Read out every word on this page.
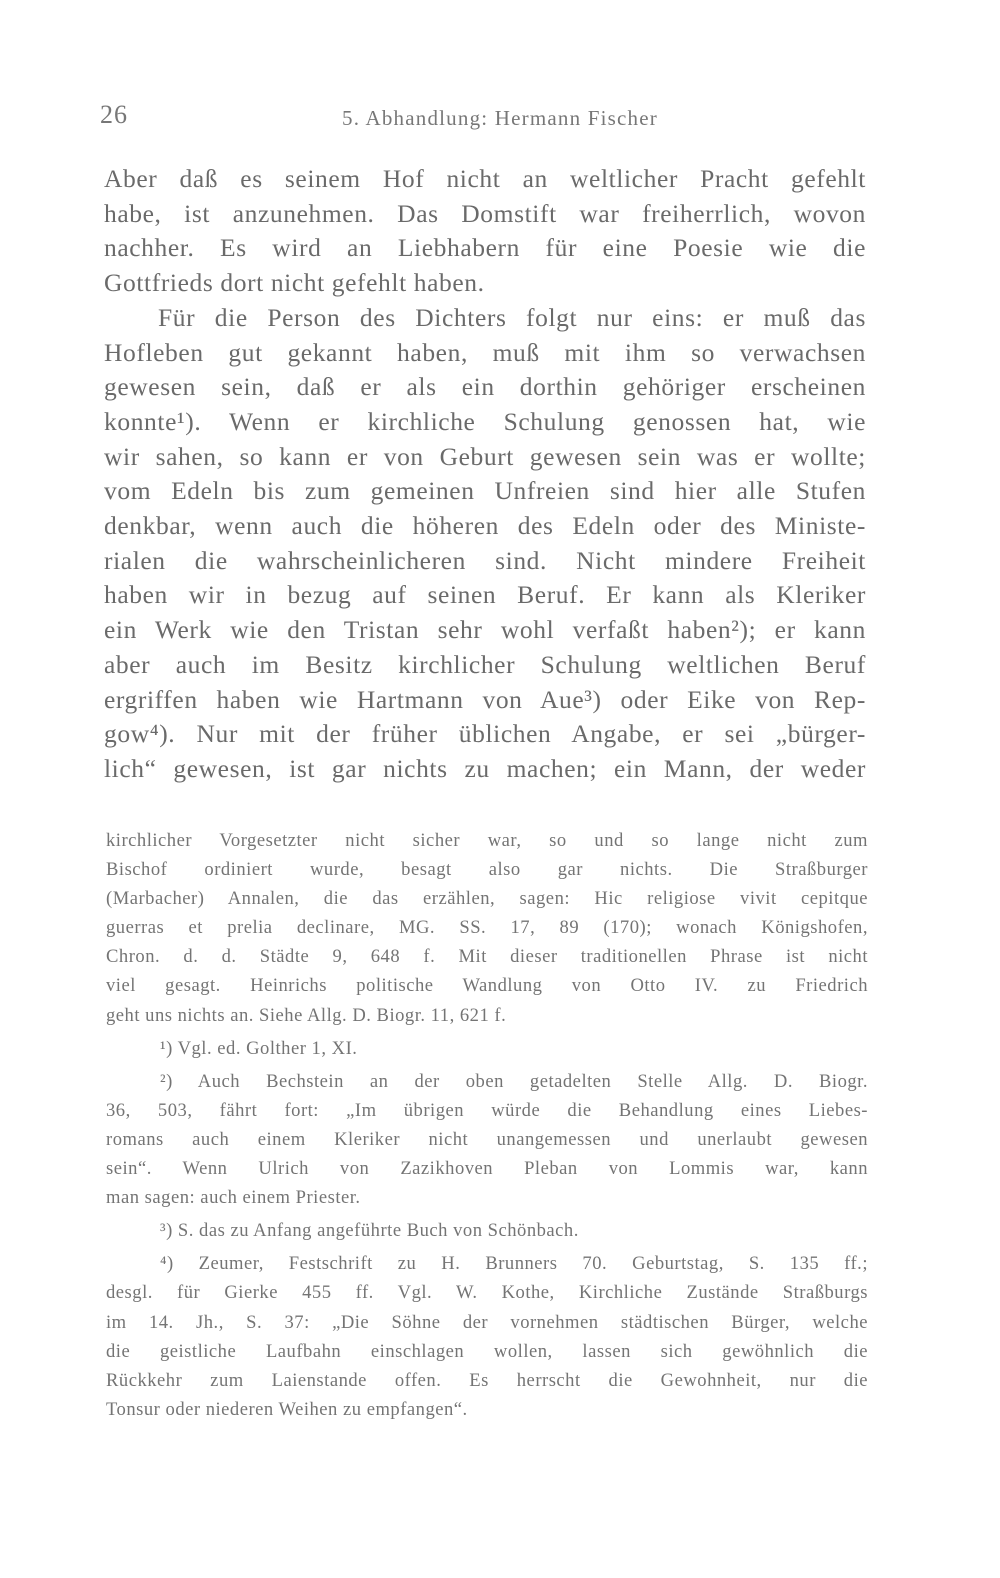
26	5. Abhandlung: Hermann Fischer
Aber daß es seinem Hof nicht an weltlicher Pracht gefehlt
habe, ist anzunehmen. Das Domstift war freiherrlich, wovon
nachher. Es wird an Liebhabern für eine Poesie wie die
Gottfrieds dort nicht gefehlt haben.
Für die Person des Dichters folgt nur eins: er muß das
Hofleben gut gekannt haben, muß mit ihm so verwachsen
gewesen sein, daß er als ein dorthin gehöriger erscheinen
konnte¹). Wenn er kirchliche Schulung genossen hat, wie
wir sahen, so kann er von Geburt gewesen sein was er wollte;
vom Edeln bis zum gemeinen Unfreien sind hier alle Stufen
denkbar, wenn auch die höheren des Edeln oder des Ministe-
rialen die wahrscheinlicheren sind. Nicht mindere Freiheit
haben wir in bezug auf seinen Beruf. Er kann als Kleriker
ein Werk wie den Tristan sehr wohl verfaßt haben²); er kann
aber auch im Besitz kirchlicher Schulung weltlichen Beruf
ergriffen haben wie Hartmann von Aue³) oder Eike von Rep-
gow⁴). Nur mit der früher üblichen Angabe, er sei „bürger-
lich“ gewesen, ist gar nichts zu machen; ein Mann, der weder
kirchlicher Vorgesetzter nicht sicher war, so und so lange nicht zum
Bischof ordiniert wurde, besagt also gar nichts. Die Straßburger
(Marbacher) Annalen, die das erzählen, sagen: Hic religiose vivit cepitque
guerras et prelia declinare, MG. SS. 17, 89 (170); wonach Königshofen,
Chron. d. d. Städte 9, 648 f. Mit dieser traditionellen Phrase ist nicht
viel gesagt. Heinrichs politische Wandlung von Otto IV. zu Friedrich
geht uns nichts an. Siehe Allg. D. Biogr. 11, 621 f.
¹) Vgl. ed. Golther 1, XI.
²) Auch Bechstein an der oben getadelten Stelle Allg. D. Biogr.
36, 503, fährt fort: „Im übrigen würde die Behandlung eines Liebes-
romans auch einem Kleriker nicht unangemessen und unerlaubt gewesen
sein“. Wenn Ulrich von Zazikhoven Pleban von Lommis war, kann
man sagen: auch einem Priester.
³) S. das zu Anfang angeführte Buch von Schönbach.
⁴) Zeumer, Festschrift zu H. Brunners 70. Geburtstag, S. 135 ff.;
desgl. für Gierke 455 ff. Vgl. W. Kothe, Kirchliche Zustände Straßburgs
im 14. Jh., S. 37: „Die Söhne der vornehmen städtischen Bürger, welche
die geistliche Laufbahn einschlagen wollen, lassen sich gewöhnlich die
Rückkehr zum Laienstande offen. Es herrscht die Gewohnheit, nur die
Tonsur oder niederen Weihen zu empfangen“.
